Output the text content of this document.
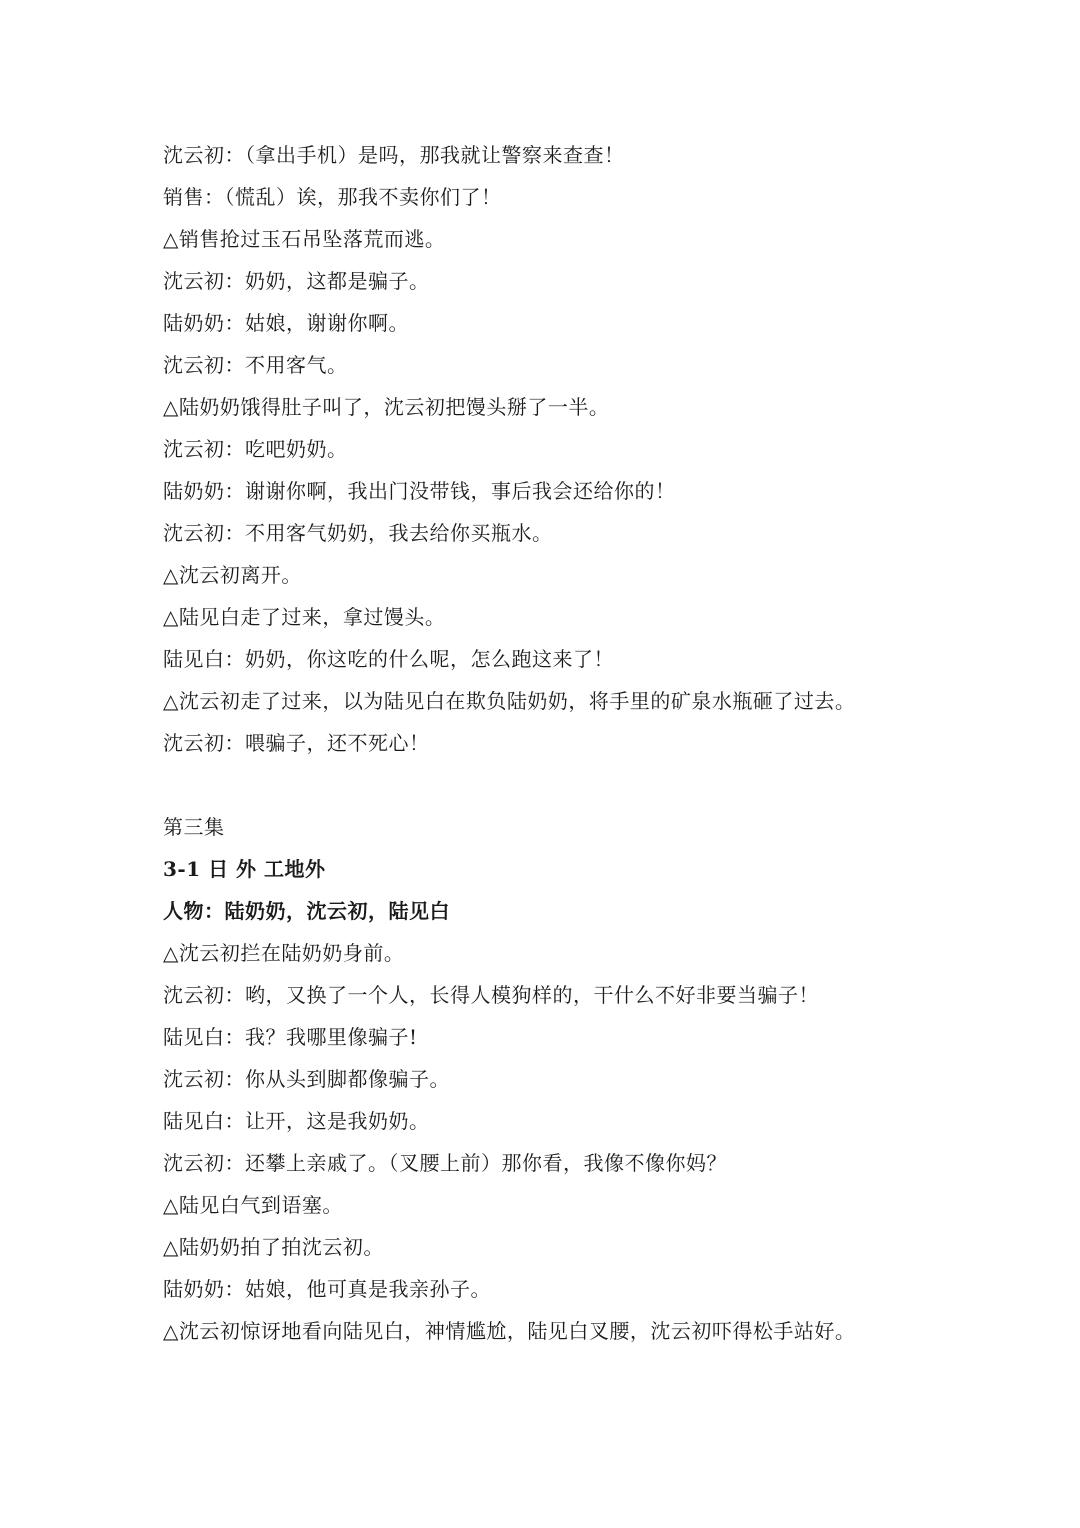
沈云初：（拿出手机）是吗，那我就让警察来查查！
销售：（慌乱）诶，那我不卖你们了！
△销售抢过玉石吊坠落荒而逃。
沈云初：奶奶，这都是骗子。
陆奶奶：姑娘，谢谢你啊。
沈云初：不用客气。
△陆奶奶饿得肚子叫了，沈云初把馒头掰了一半。
沈云初：吃吧奶奶。
陆奶奶：谢谢你啊，我出门没带钱，事后我会还给你的！
沈云初：不用客气奶奶，我去给你买瓶水。
△沈云初离开。
△陆见白走了过来，拿过馒头。
陆见白：奶奶，你这吃的什么呢，怎么跑这来了！
△沈云初走了过来，以为陆见白在欺负陆奶奶，将手里的矿泉水瓶砸了过去。
沈云初：喂骗子，还不死心！
第三集
3-1 日 外 工地外
人物：陆奶奶，沈云初，陆见白
△沈云初拦在陆奶奶身前。
沈云初：哟，又换了一个人，长得人模狗样的，干什么不好非要当骗子！
陆见白：我？我哪里像骗子!
沈云初：你从头到脚都像骗子。
陆见白：让开，这是我奶奶。
沈云初：还攀上亲戚了。（叉腰上前）那你看，我像不像你妈？
△陆见白气到语塞。
△陆奶奶拍了拍沈云初。
陆奶奶：姑娘，他可真是我亲孙子。
△沈云初惊讶地看向陆见白，神情尴尬，陆见白叉腰，沈云初吓得松手站好。
